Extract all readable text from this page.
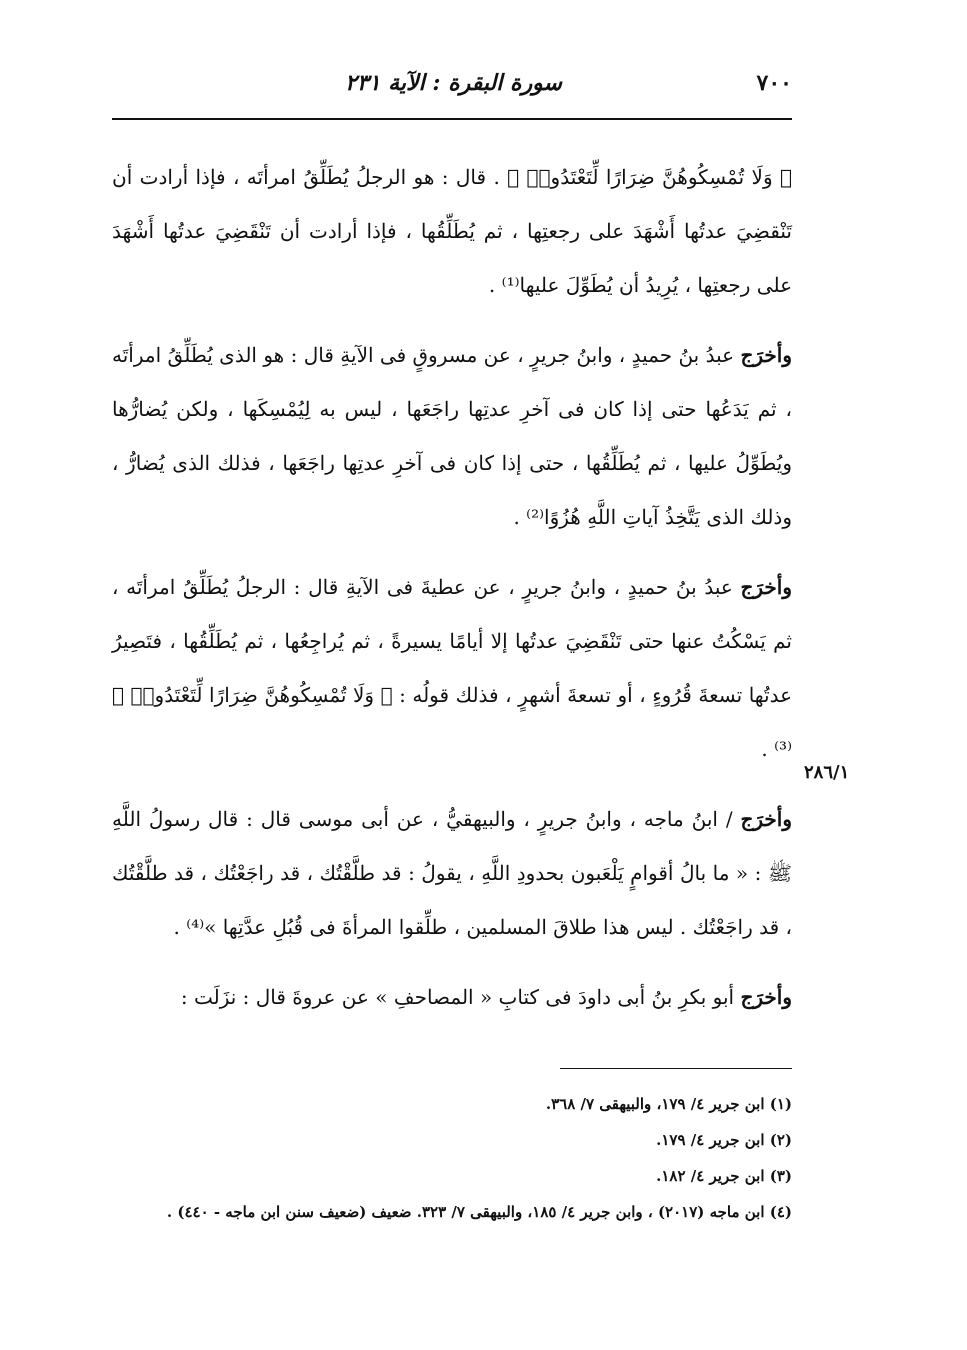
٧٠٠
سورة البقرة : الآية ٢٣١
٢٨٦/١

﴿ وَلَا تُمْسِكُوهُنَّ ضِرَارًا لِّتَعْتَدُوا۟ ﴾ . قال : هو الرجلُ يُطَلِّقُ امرأتَه ، فإذا أرادت أن تَنْقضِيَ عدتُها أَشْهَدَ على رجعتِها ، ثم يُطَلِّقُها ، فإذا أرادت أن تَنْقَضِيَ عدتُها أَشْهَدَ على رجعتِها ، يُرِيدُ أن يُطَوِّلَ عليها⁽¹⁾ .

وأخرَج عبدُ بنُ حميدٍ ، وابنُ جريرٍ ، عن مسروقٍ فى الآيةِ قال : هو الذى يُطَلِّقُ امرأتَه ، ثم يَدَعُها حتى إذا كان فى آخرِ عدتِها راجَعَها ، ليس به لِيُمْسِكَها ، ولكن يُضارُّها ويُطَوِّلُ عليها ، ثم يُطَلِّقُها ، حتى إذا كان فى آخرِ عدتِها راجَعَها ، فذلك الذى يُضارُّ ، وذلك الذى يَتَّخِذُ آياتِ اللَّهِ هُزُوًا⁽²⁾ .

وأخرَج عبدُ بنُ حميدٍ ، وابنُ جريرٍ ، عن عطيةَ فى الآيةِ قال : الرجلُ يُطَلِّقُ امرأتَه ، ثم يَسْكُتُ عنها حتى تَنْقَضِيَ عدتُها إلا أيامًا يسيرةً ، ثم يُراجِعُها ، ثم يُطَلِّقُها ، فتَصِيرُ عدتُها تسعةَ قُرُوءٍ ، أو تسعةَ أشهرٍ ، فذلك قولُه : ﴿ وَلَا تُمْسِكُوهُنَّ ضِرَارًا لِّتَعْتَدُوا۟ ﴾⁽³⁾ .

وأخرَج / ابنُ ماجه ، وابنُ جريرٍ ، والبيهقيُّ ، عن أبى موسى قال : قال رسولُ اللَّهِ ﷺ : « ما بالُ أقوامٍ يَلْعَبون بحدودِ اللَّهِ ، يقولُ : قد طلَّقْتُك ، قد راجَعْتُك ، قد طلَّقْتُك ، قد راجَعْتُك . ليس هذا طلاقَ المسلمين ، طلِّقوا المرأةَ فى قُبُلِ عدَّتِها »⁽⁴⁾ .

وأخرَج أبو بكرِ بنُ أبى داودَ فى كتابِ « المصاحفِ » عن عروةَ قال : نزَلَت :

(١) ابن جرير ٤/ ١٧٩، والبيهقى ٧/ ٣٦٨.
(٢) ابن جرير ٤/ ١٧٩.
(٣) ابن جرير ٤/ ١٨٢.
(٤) ابن ماجه (٢٠١٧) ، وابن جرير ٤/ ١٨٥، والبيهقى ٧/ ٣٢٣. ضعيف (ضعيف سنن ابن ماجه - ٤٤٠) .
